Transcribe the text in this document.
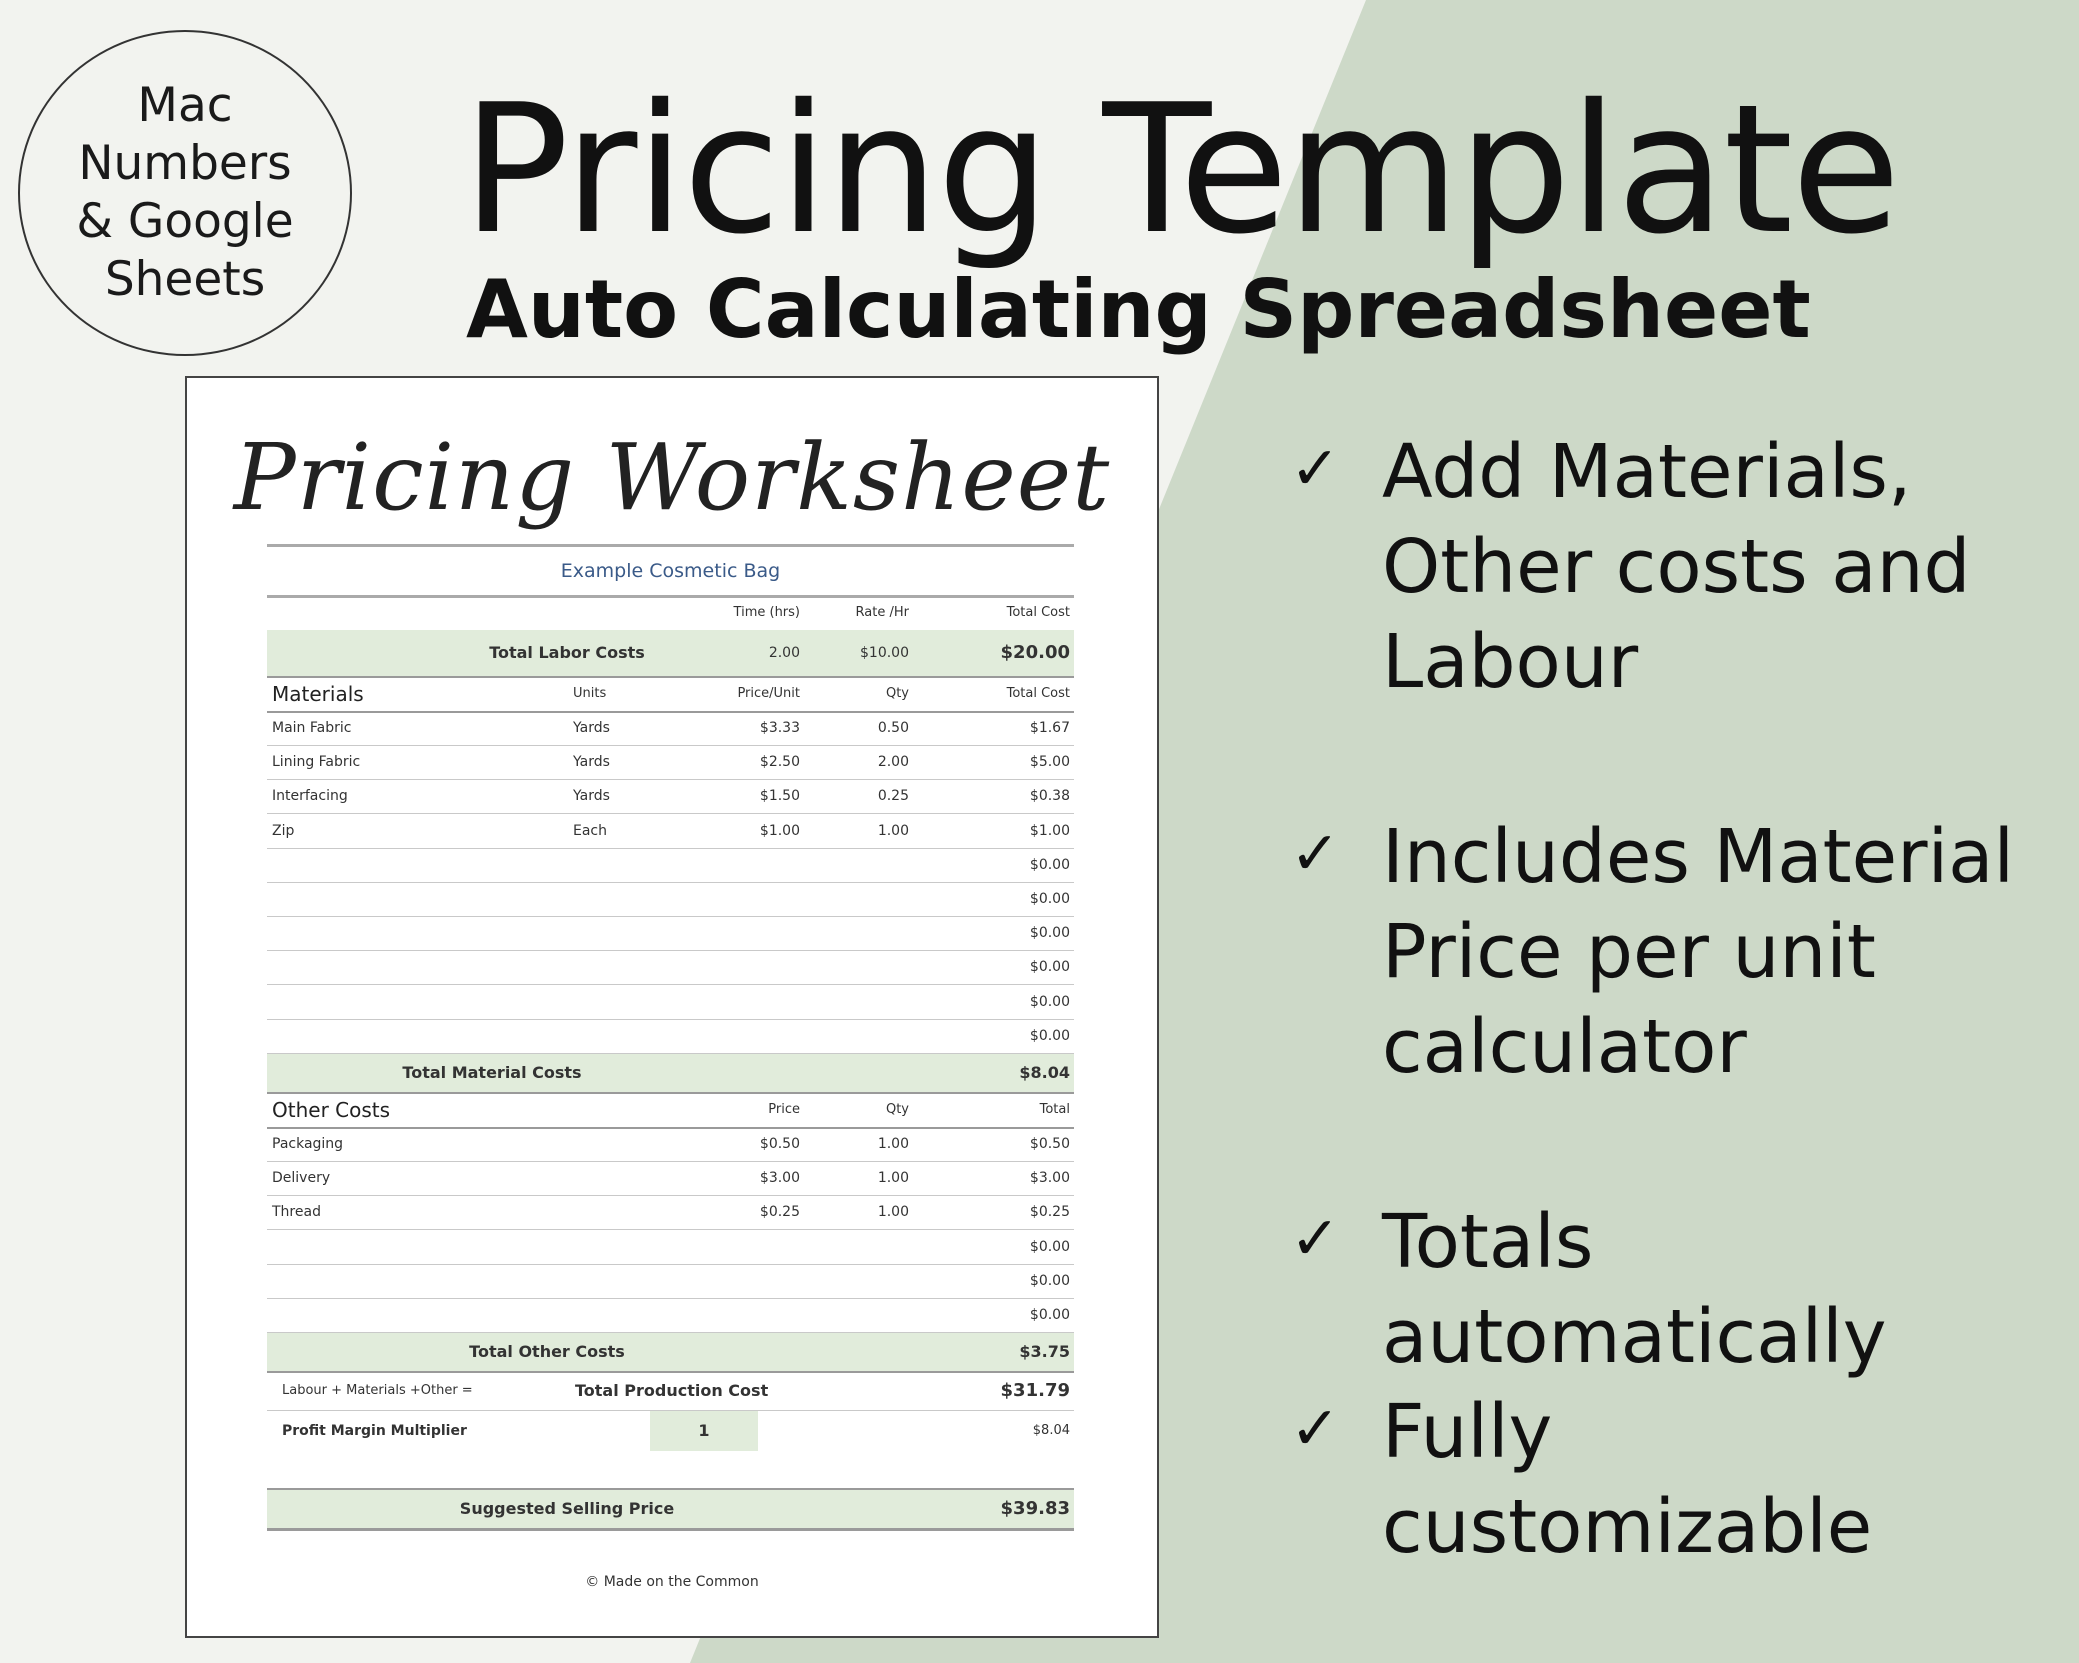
Mac
Numbers
& Google
Sheets
Pricing Template
Auto Calculating Spreadsheet
Pricing Worksheet
Example Cosmetic Bag
Time (hrs)	Rate /Hr	Total Cost
Total Labor Costs	2.00	$10.00	$20.00
Materials	Units	Price/Unit	Qty	Total Cost
Main Fabric	Yards	$3.33	0.50	$1.67
Lining Fabric	Yards	$2.50	2.00	$5.00
Interfacing	Yards	$1.50	0.25	$0.38
Zip	Each	$1.00	1.00	$1.00
$0.00
$0.00
$0.00
$0.00
$0.00
$0.00
Total Material Costs	$8.04
Other Costs	Price	Qty	Total
Packaging	$0.50	1.00	$0.50
Delivery	$3.00	1.00	$3.00
Thread	$0.25	1.00	$0.25
$0.00
$0.00
$0.00
Total Other Costs	$3.75
Labour + Materials +Other =	Total Production Cost	$31.79
Profit Margin Multiplier	1	$8.04
Suggested Selling Price	$39.83
© Made on the Common
✓ Add Materials,
Other costs and
Labour
✓ Includes Material
Price per unit
calculator
✓ Totals automatically
✓ Fully customizable
